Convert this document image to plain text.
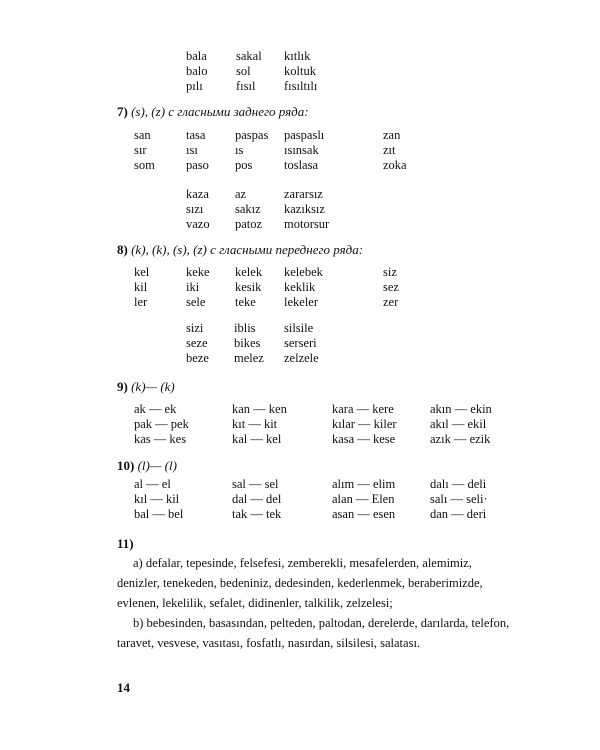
bala	sakal	kıtlık
balo	sol	koltuk
pılı	fısıl	fısıltılı
7) (s), (z) с гласными заднего ряда:
san	tasa	paspas	paspaslı	zan
sır	ısı	ıs	ısınsak	zıt
som	paso	pos	toslasa	zoka
kaza	az	zararsız
sızı	sakız	kazıksız
vazo	patoz	motorsur
8) (k), (k), (s), (z) с гласными переднего ряда:
kel	keke	kelek	kelebek	siz
kil	iki	kesik	keklik	sez
ler	sele	teke	lekeler	zer
sizi	iblis	silsile
seze	bikes	serseri
beze	melez	zelzele
9) (k)— (k)
ak — ek	kan — ken	kara — kere	akın — ekin
pak — pek	kıt — kit	kılar — kiler	akıl — ekil
kas — kes	kal — kel	kasa — kese	azık — ezik
10) (l)— (l)
al — el	sal — sel	alım — elim	dalı — deli
kıl — kil	dal — del	alan — Elen	salı — seli·
bal — bel	tak — tek	asan — esen	dan — deri
11)
a) defalar, tepesinde, felsefesi, zemberekli, mesafelerden, alemimiz, denizler, tenekeden, bedeniniz, dedesinden, kederlenmek, beraberimizde, evlenen, lekelilik, sefalet, didinenler, talkilik, zelzelesi;
b) bebesinden, basasından, pelteden, paltodan, derelerde, darılarda, telefon, taravet, vesvese, vasıtası, fosfatlı, nasırdan, silsilesi, salatası.
14
